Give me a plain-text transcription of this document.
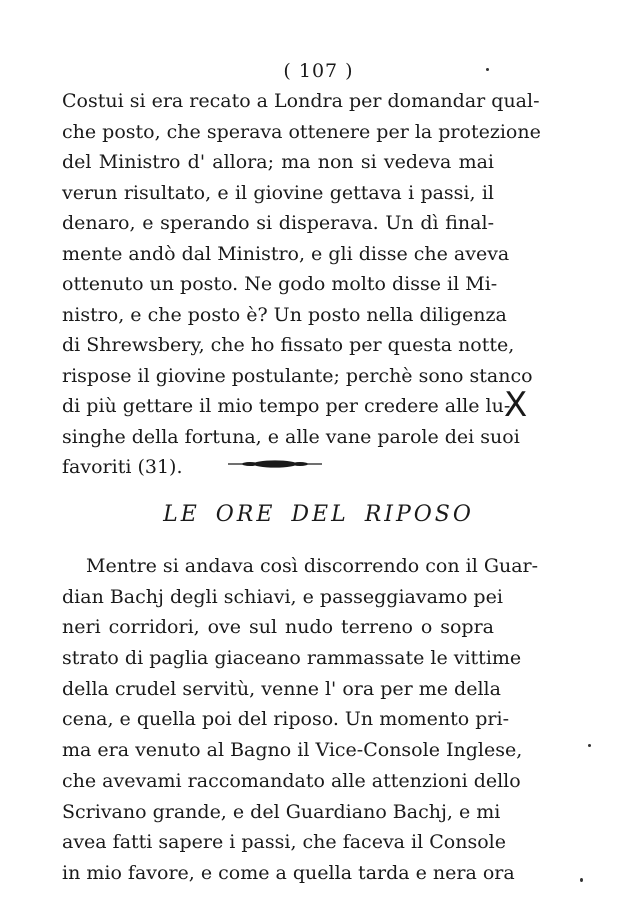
( 107 )
Costui si era recato a Londra per domandar qual-
che posto, che sperava ottenere per la protezione
del Ministro d' allora; ma non si vedeva mai
verun risultato, e il giovine gettava i passi, il
denaro, e sperando si disperava. Un dì final-
mente andò dal Ministro, e gli disse che aveva
ottenuto un posto. Ne godo molto disse il Mi-
nistro, e che posto è? Un posto nella diligenza
di Shrewsbery, che ho fissato per questa notte,
rispose il giovine postulante; perchè sono stanco
di più gettare il mio tempo per credere alle lu-
singhe della fortuna, e alle vane parole dei suoi
favoriti (31).
X
LE ORE DEL RIPOSO
Mentre si andava così discorrendo con il Guar-
dian Bachj degli schiavi, e passeggiavamo pei
neri corridori, ove sul nudo terreno o sopra
strato di paglia giaceano rammassate le vittime
della crudel servitù, venne l' ora per me della
cena, e quella poi del riposo. Un momento pri-
ma era venuto al Bagno il Vice-Console Inglese,
che avevami raccomandato alle attenzioni dello
Scrivano grande, e del Guardiano Bachj, e mi
avea fatti sapere i passi, che faceva il Console
in mio favore, e come a quella tarda e nera ora
